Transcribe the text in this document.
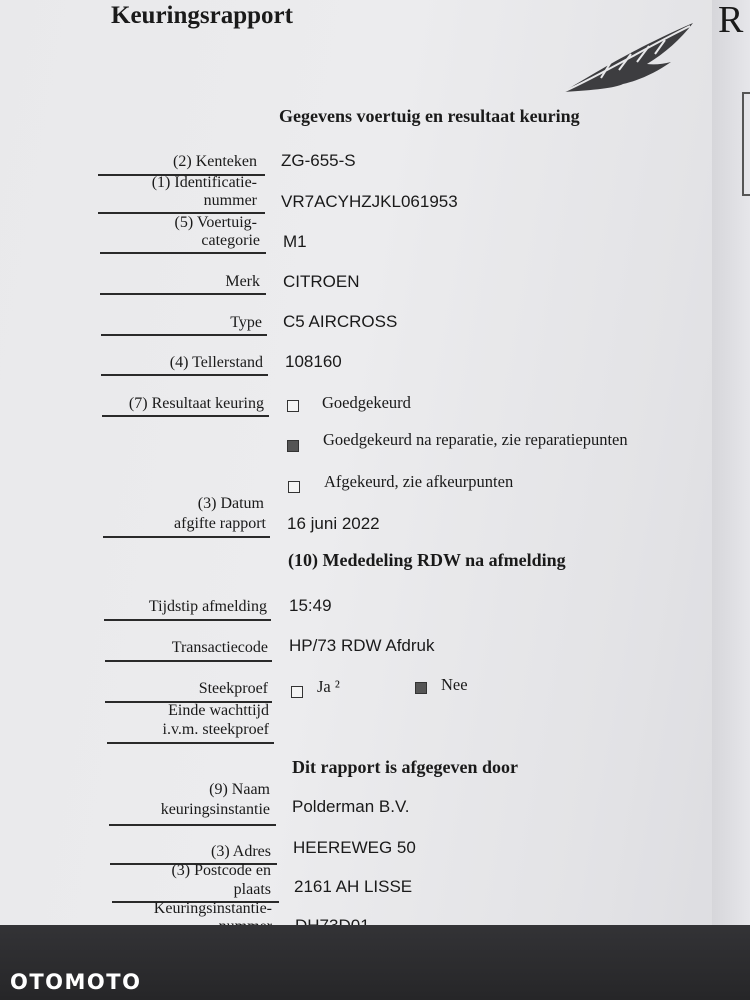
Keuringsrapport	R
Gegevens voertuig en resultaat keuring
(2) Kenteken ZG-655-S
(1) Identificatie-
nummer VR7ACYHZJKL061953
(5) Voertuig-
categorie M1
Merk CITROEN
Type C5 AIRCROSS
(4) Tellerstand 108160
(7) Resultaat keuring	Goedgekeurd
Goedgekeurd na reparatie, zie reparatiepunten
Afgekeurd, zie afkeurpunten
(3) Datum
afgifte rapport 16 juni 2022
(10) Mededeling RDW na afmelding
Tijdstip afmelding 15:49
Transactiecode HP/73 RDW Afdruk
Steekproef	Ja ²	Nee
Einde wachttijd
i.v.m. steekproef
Dit rapport is afgegeven door
(9) Naam
keuringsinstantie Polderman B.V.
(3) Adres HEEREWEG 50
(3) Postcode en
plaats 2161 AH LISSE
Keuringsinstantie-
OTOMOTO
